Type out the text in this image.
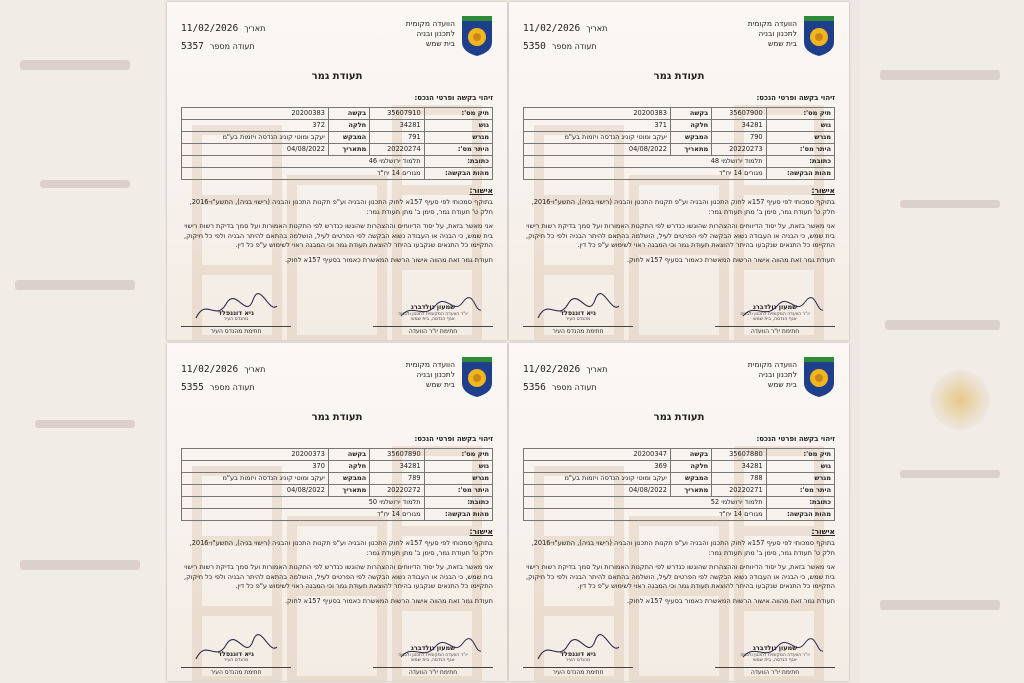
הוועדה מקומית
לתכנון ובניה
בית שמש
תאריך11/02/2026
תעודה מספר5357
תעודת גמר
זיהוי בקשה ופרטי הנכס:
תיק מס':	35607910	בקשה	20200383
גוש	34281	חלקה	372
מגרש	791	המבקש	יעקב ומוטי קוניג הנדסה ויזמות בע"מ
היתר מס':	20220274	מתאריך	04/08/2022
כתובת:	תלמוד ירושלמי 46		
מהות הבקשה:	מגורים 14 יח"ד		
אישור:

בתוקף סמכותי לפי סעיף 157א לחוק התכנון והבניה וע"פ תקנות התכנון והבניה (רישוי בניה), התשע"ו-2016, חלק ט' תעודת גמר, סימן ב' מתן תעודת גמר:

אני מאשר בזאת, על יסוד הדיווחים וההצהרות שהוגשו כנדרש לפי התקנות האמורות ועל סמך בדיקת רשות רישוי בית שמש, כי הבניה או העבודה נשוא הבקשה לפי הפרטים לעיל, הושלמה בהתאם להיתר הבניה ולפי כל חיקוק, התקיימו כל התנאים שנקבעו בהיתר להוצאת תעודת גמר וכי המבנה ראוי לשימוש ע"פ כל דין.

תעודת גמר זאת מהווה אישור הרשות המאשרת כאמור בסעיף 157א לחוק.

גיא דוננפלד
מהנדס העיר
חתימת מהנדס העיר
שמעון גולדברג
יו"ר הוועדה המקומית לתכנון ולבניה
אגף הנדסה, בית שמש
חתימת יו"ר הוועדה
הוועדה מקומית
לתכנון ובניה
בית שמש
תאריך11/02/2026
תעודה מספר5350
תעודת גמר
זיהוי בקשה ופרטי הנכס:
תיק מס':	35607900	בקשה	20200383
גוש	34281	חלקה	371
מגרש	790	המבקש	יעקב ומוטי קוניג הנדסה ויזמות בע"מ
היתר מס':	20220273	מתאריך	04/08/2022
כתובת:	תלמוד ירושלמי 48		
מהות הבקשה:	מגורים 14 יח"ד		
אישור:

בתוקף סמכותי לפי סעיף 157א לחוק התכנון והבניה וע"פ תקנות התכנון והבניה (רישוי בניה), התשע"ו-2016, חלק ט' תעודת גמר, סימן ב' מתן תעודת גמר:

אני מאשר בזאת, על יסוד הדיווחים וההצהרות שהוגשו כנדרש לפי התקנות האמורות ועל סמך בדיקת רשות רישוי בית שמש, כי הבניה או העבודה נשוא הבקשה לפי הפרטים לעיל, הושלמה בהתאם להיתר הבניה ולפי כל חיקוק, התקיימו כל התנאים שנקבעו בהיתר להוצאת תעודת גמר וכי המבנה ראוי לשימוש ע"פ כל דין.

תעודת גמר זאת מהווה אישור הרשות המאשרת כאמור בסעיף 157א לחוק.

גיא דוננפלד
מהנדס העיר
חתימת מהנדס העיר
שמעון גולדברג
יו"ר הוועדה המקומית לתכנון ולבניה
אגף הנדסה, בית שמש
חתימת יו"ר הוועדה
הוועדה מקומית
לתכנון ובניה
בית שמש
תאריך11/02/2026
תעודה מספר5355
תעודת גמר
זיהוי בקשה ופרטי הנכס:
תיק מס':	35607890	בקשה	20200373
גוש	34281	חלקה	370
מגרש	789	המבקש	יעקב ומוטי קוניג הנדסה ויזמות בע"מ
היתר מס':	20220272	מתאריך	04/08/2022
כתובת:	תלמוד ירושלמי 50		
מהות הבקשה:	מגורים 14 יח"ד		
אישור:

בתוקף סמכותי לפי סעיף 157א לחוק התכנון והבניה וע"פ תקנות התכנון והבניה (רישוי בניה), התשע"ו-2016, חלק ט' תעודת גמר, סימן ב' מתן תעודת גמר:

אני מאשר בזאת, על יסוד הדיווחים וההצהרות שהוגשו כנדרש לפי התקנות האמורות ועל סמך בדיקת רשות רישוי בית שמש, כי הבניה או העבודה נשוא הבקשה לפי הפרטים לעיל, הושלמה בהתאם להיתר הבניה ולפי כל חיקוק, התקיימו כל התנאים שנקבעו בהיתר להוצאת תעודת גמר וכי המבנה ראוי לשימוש ע"פ כל דין.

תעודת גמר זאת מהווה אישור הרשות המאשרת כאמור בסעיף 157א לחוק.

גיא דוננפלד
מהנדס העיר
חתימת מהנדס העיר
שמעון גולדברג
יו"ר הוועדה המקומית לתכנון ולבניה
אגף הנדסה, בית שמש
חתימת יו"ר הוועדה
הוועדה מקומית
לתכנון ובניה
בית שמש
תאריך11/02/2026
תעודה מספר5356
תעודת גמר
זיהוי בקשה ופרטי הנכס:
תיק מס':	35607880	בקשה	20200347
גוש	34281	חלקה	369
מגרש	788	המבקש	יעקב ומוטי קוניג הנדסה ויזמות בע"מ
היתר מס':	20220271	מתאריך	04/08/2022
כתובת:	תלמוד ירושלמי 52		
מהות הבקשה:	מגורים 14 יח"ד		
אישור:

בתוקף סמכותי לפי סעיף 157א לחוק התכנון והבניה וע"פ תקנות התכנון והבניה (רישוי בניה), התשע"ו-2016, חלק ט' תעודת גמר, סימן ב' מתן תעודת גמר:

אני מאשר בזאת, על יסוד הדיווחים וההצהרות שהוגשו כנדרש לפי התקנות האמורות ועל סמך בדיקת רשות רישוי בית שמש, כי הבניה או העבודה נשוא הבקשה לפי הפרטים לעיל, הושלמה בהתאם להיתר הבניה ולפי כל חיקוק, התקיימו כל התנאים שנקבעו בהיתר להוצאת תעודת גמר וכי המבנה ראוי לשימוש ע"פ כל דין.

תעודת גמר זאת מהווה אישור הרשות המאשרת כאמור בסעיף 157א לחוק.

גיא דוננפלד
מהנדס העיר
חתימת מהנדס העיר
שמעון גולדברג
יו"ר הוועדה המקומית לתכנון ולבניה
אגף הנדסה, בית שמש
חתימת יו"ר הוועדה
